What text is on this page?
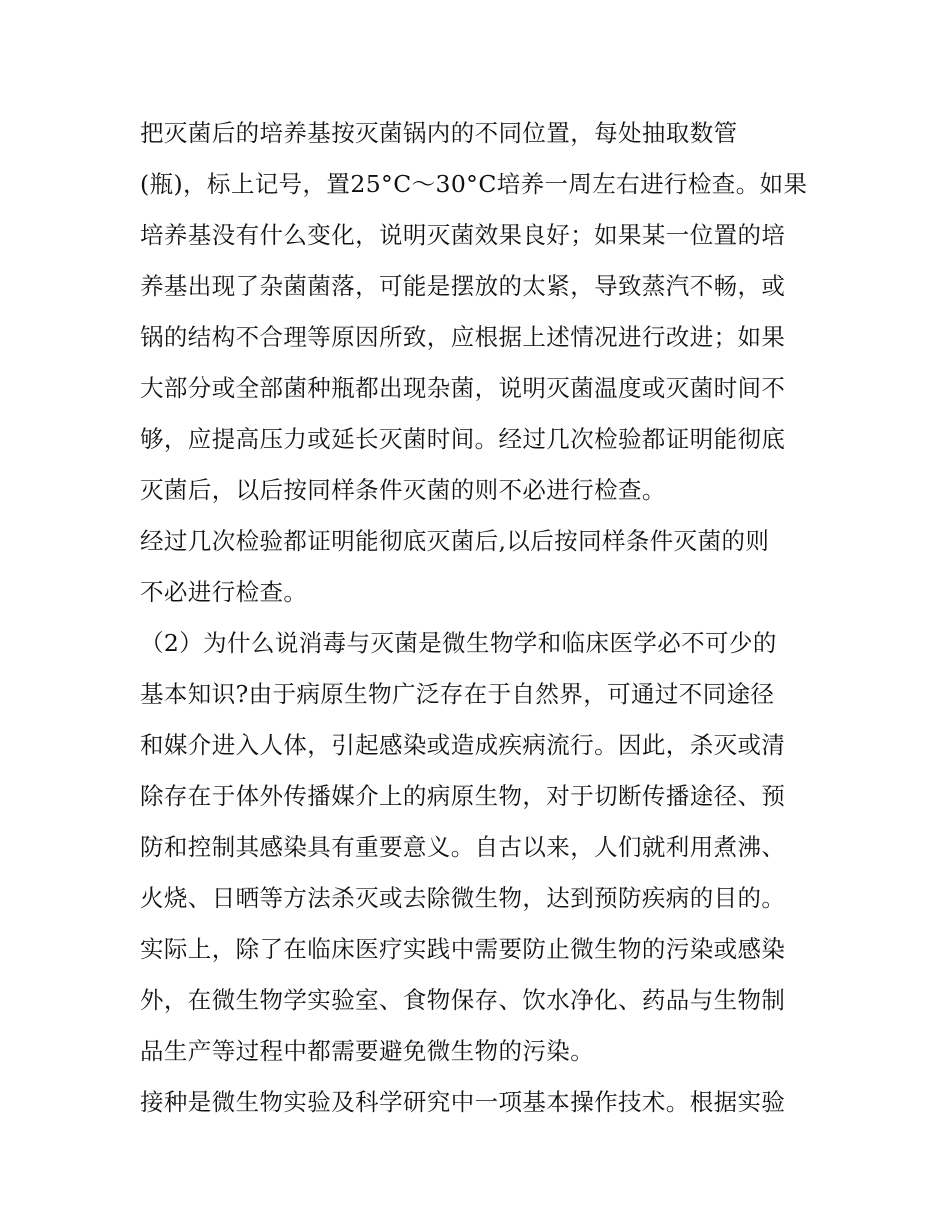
把灭菌后的培养基按灭菌锅内的不同位置，每处抽取数管
(瓶)，标上记号，置25°C～30°C培养一周左右进行检查。如果
培养基没有什么变化，说明灭菌效果良好；如果某一位置的培
养基出现了杂菌菌落，可能是摆放的太紧，导致蒸汽不畅，或
锅的结构不合理等原因所致，应根据上述情况进行改进；如果
大部分或全部菌种瓶都出现杂菌，说明灭菌温度或灭菌时间不
够，应提高压力或延长灭菌时间。经过几次检验都证明能彻底
灭菌后，以后按同样条件灭菌的则不必进行检查。
经过几次检验都证明能彻底灭菌后,以后按同样条件灭菌的则
不必进行检查。
（2）为什么说消毒与灭菌是微生物学和临床医学必不可少的
基本知识?由于病原生物广泛存在于自然界，可通过不同途径
和媒介进入人体，引起感染或造成疾病流行。因此，杀灭或清
除存在于体外传播媒介上的病原生物，对于切断传播途径、预
防和控制其感染具有重要意义。自古以来，人们就利用煮沸、
火烧、日晒等方法杀灭或去除微生物，达到预防疾病的目的。
实际上，除了在临床医疗实践中需要防止微生物的污染或感染
外，在微生物学实验室、食物保存、饮水净化、药品与生物制
品生产等过程中都需要避免微生物的污染。
接种是微生物实验及科学研究中一项基本操作技术。根据实验
